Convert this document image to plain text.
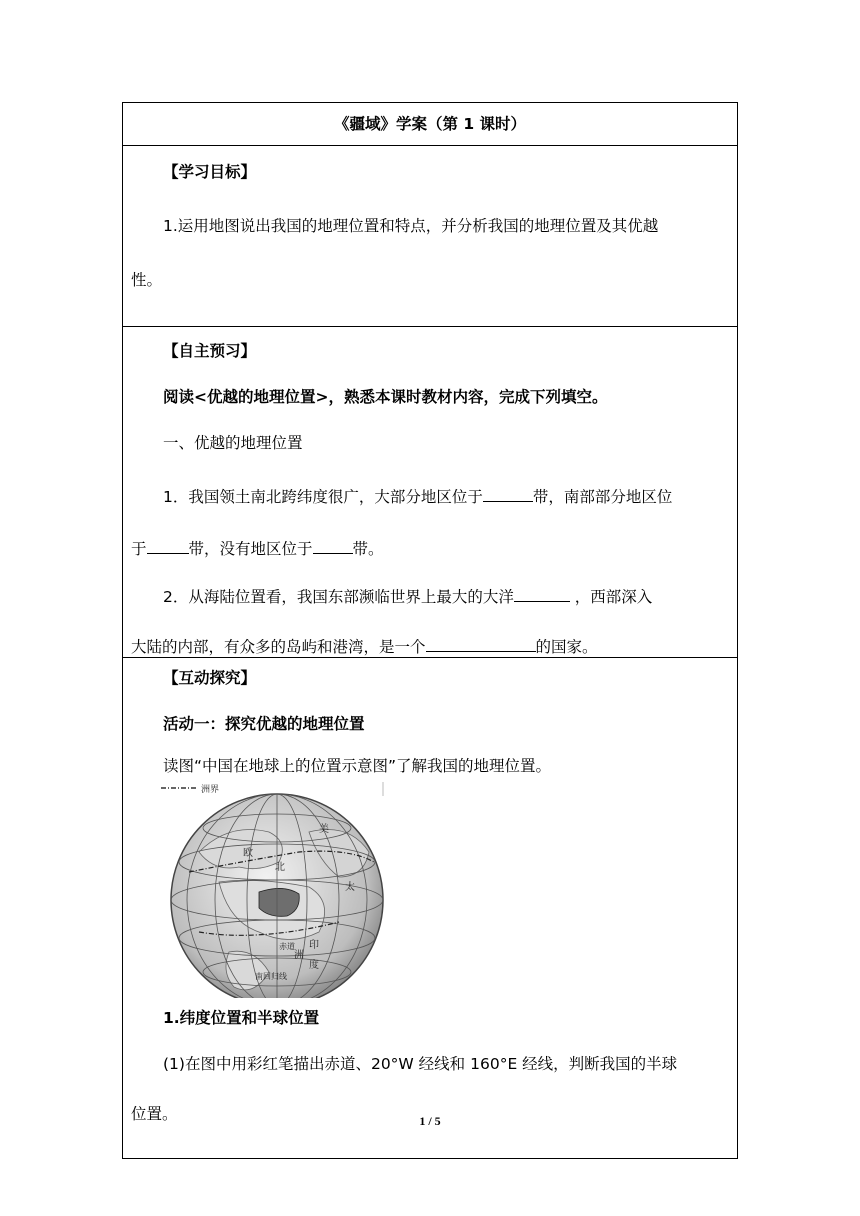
《疆域》学案（第 1 课时）

【学习目标】
1.运用地图说出我国的地理位置和特点，并分析我国的地理位置及其优越
性。

【自主预习】
阅读<优越的地理位置>，熟悉本课时教材内容，完成下列填空。
一、优越的地理位置
1．我国领土南北跨纬度很广，大部分地区位于	带，南部部分地区位
于	带，没有地区位于	带。
2．从海陆位置看，我国东部濒临世界上最大的大洋	，西部深入
大陆的内部，有众多的岛屿和港湾，是一个	的国家。

【互动探究】
活动一：探究优越的地理位置
读图“中国在地球上的位置示意图”了解我国的地理位置。
洲界
欧
洲
美
北
太
赤道
南回归线
印
度
1.纬度位置和半球位置
(1)在图中用彩红笔描出赤道、20°W 经线和 160°E 经线，判断我国的半球
位置。	1 / 5
